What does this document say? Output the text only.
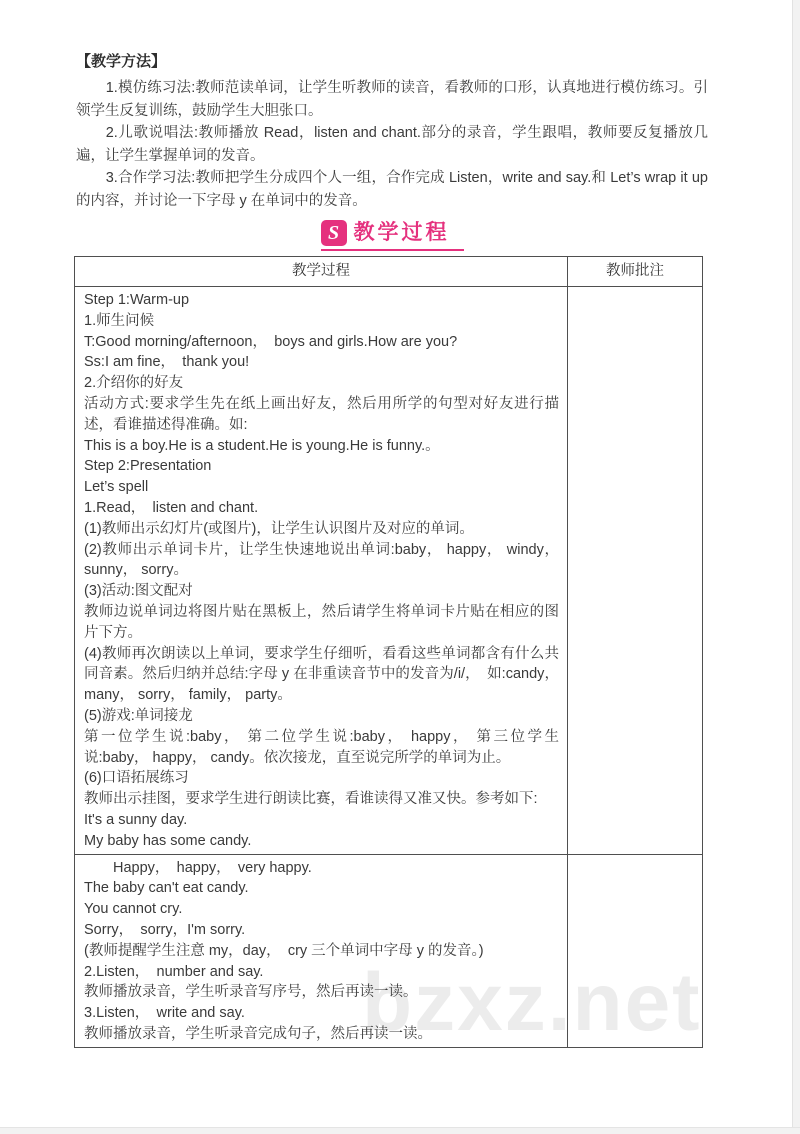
bzxz.net
【教学方法】

1.模仿练习法:教师范读单词，让学生听教师的读音，看教师的口形，认真地进行模仿练习。引领学生反复训练，鼓励学生大胆张口。

2.儿歌说唱法:教师播放 Read，listen and chant.部分的录音，学生跟唱，教师要反复播放几遍，让学生掌握单词的发音。

3.合作学习法:教师把学生分成四个人一组，合作完成 Listen，write and say.和 Let’s wrap it up 的内容，并讨论一下字母 y 在单词中的发音。

S 教学过程
教学过程	教师批注

Step 1:Warm-up
1.师生问候
T:Good morning/afternoon，　boys and girls.How are you?
Ss:I am fine，　thank you!
2.介绍你的好友
活动方式:要求学生先在纸上画出好友，然后用所学的句型对好友进行描述，看谁描述得准确。如:
This is a boy.He is a student.He is young.He is funny.。
Step 2:Presentation
Let’s spell
1.Read，　listen and chant.
(1)教师出示幻灯片(或图片)，让学生认识图片及对应的单词。
(2)教师出示单词卡片，让学生快速地说出单词:baby， happy， windy， sunny， sorry。
(3)活动:图文配对
教师边说单词边将图片贴在黑板上，然后请学生将单词卡片贴在相应的图片下方。
(4)教师再次朗读以上单词，要求学生仔细听，看看这些单词都含有什么共同音素。然后归纳并总结:字母 y 在非重读音节中的发音为/i/，　如:candy， many， sorry， family， party。
(5)游戏:单词接龙
第一位学生说:baby， 第二位学生说:baby， happy， 第三位学生说:baby， happy， candy。依次接龙，直至说完所学的单词为止。
(6)口语拓展练习
教师出示挂图，要求学生进行朗读比赛，看谁读得又准又快。参考如下:
It's a sunny day.
My baby has some candy.

　　Happy，　happy，　very happy.
The baby can't eat candy.
You cannot cry.
Sorry，　sorry，I'm sorry.
(教师提醒学生注意 my，day，　cry 三个单词中字母 y 的发音。)
2.Listen，　number and say.
教师播放录音，学生听录音写序号，然后再读一读。
3.Listen，　write and say.
教师播放录音，学生听录音完成句子，然后再读一读。
